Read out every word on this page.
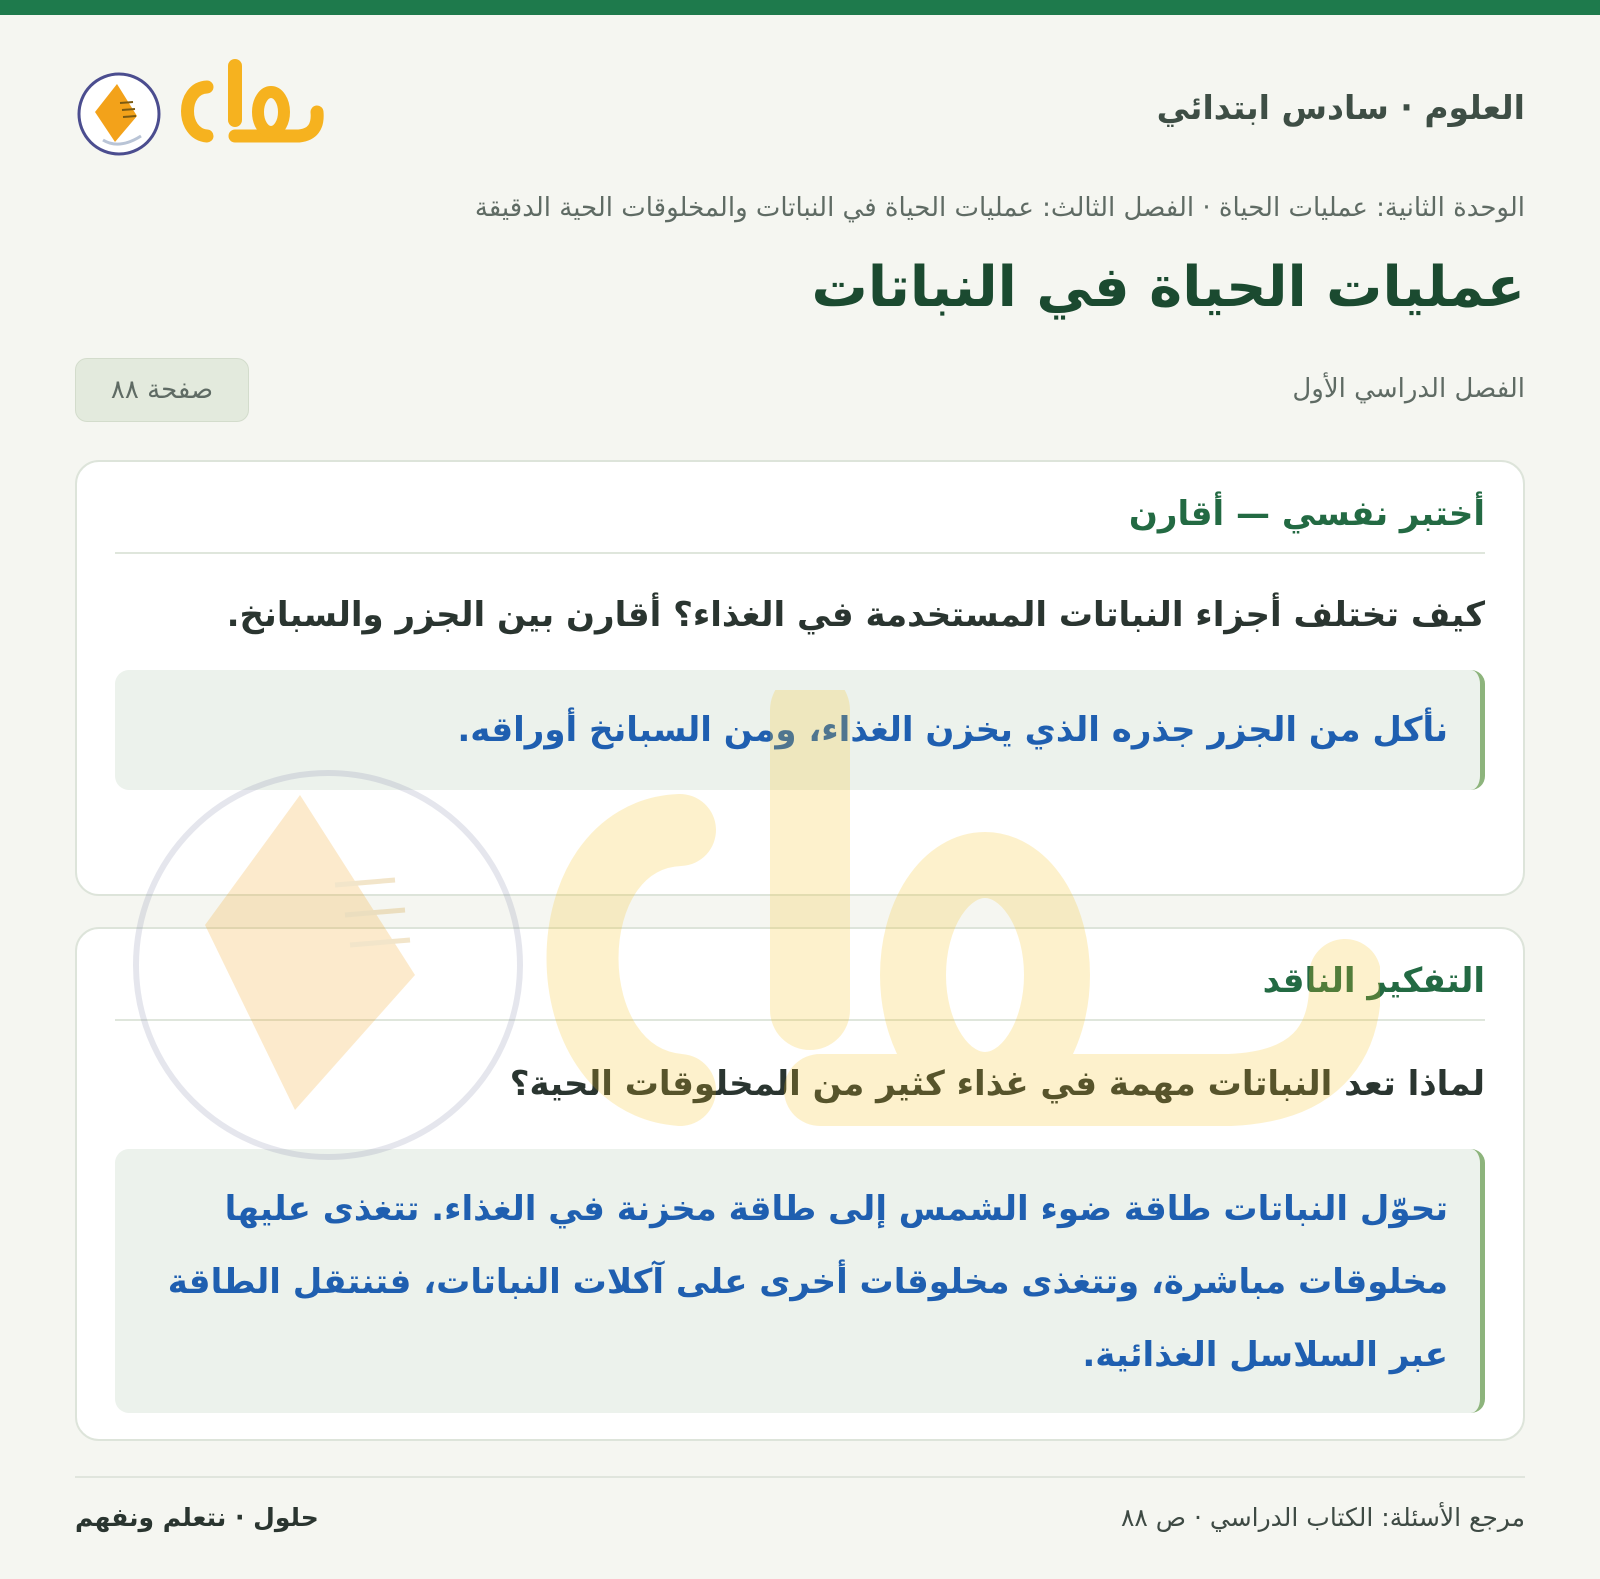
العلوم · سادس ابتدائي
الوحدة الثانية: عمليات الحياة · الفصل الثالث: عمليات الحياة في النباتات والمخلوقات الحية الدقيقة
عمليات الحياة في النباتات
الفصل الدراسي الأول
صفحة ٨٨
أختبر نفسي — أقارن

كيف تختلف أجزاء النباتات المستخدمة في الغذاء؟ أقارن بين الجزر والسبانخ.

نأكل من الجزر جذره الذي يخزن الغذاء، ومن السبانخ أوراقه.
التفكير الناقد

لماذا تعد النباتات مهمة في غذاء كثير من المخلوقات الحية؟

تحوّل النباتات طاقة ضوء الشمس إلى طاقة مخزنة في الغذاء. تتغذى عليها مخلوقات مباشرة، وتتغذى مخلوقات أخرى على آكلات النباتات، فتنتقل الطاقة عبر السلاسل الغذائية.
مرجع الأسئلة: الكتاب الدراسي · ص ٨٨
حلول · نتعلم ونفهم
